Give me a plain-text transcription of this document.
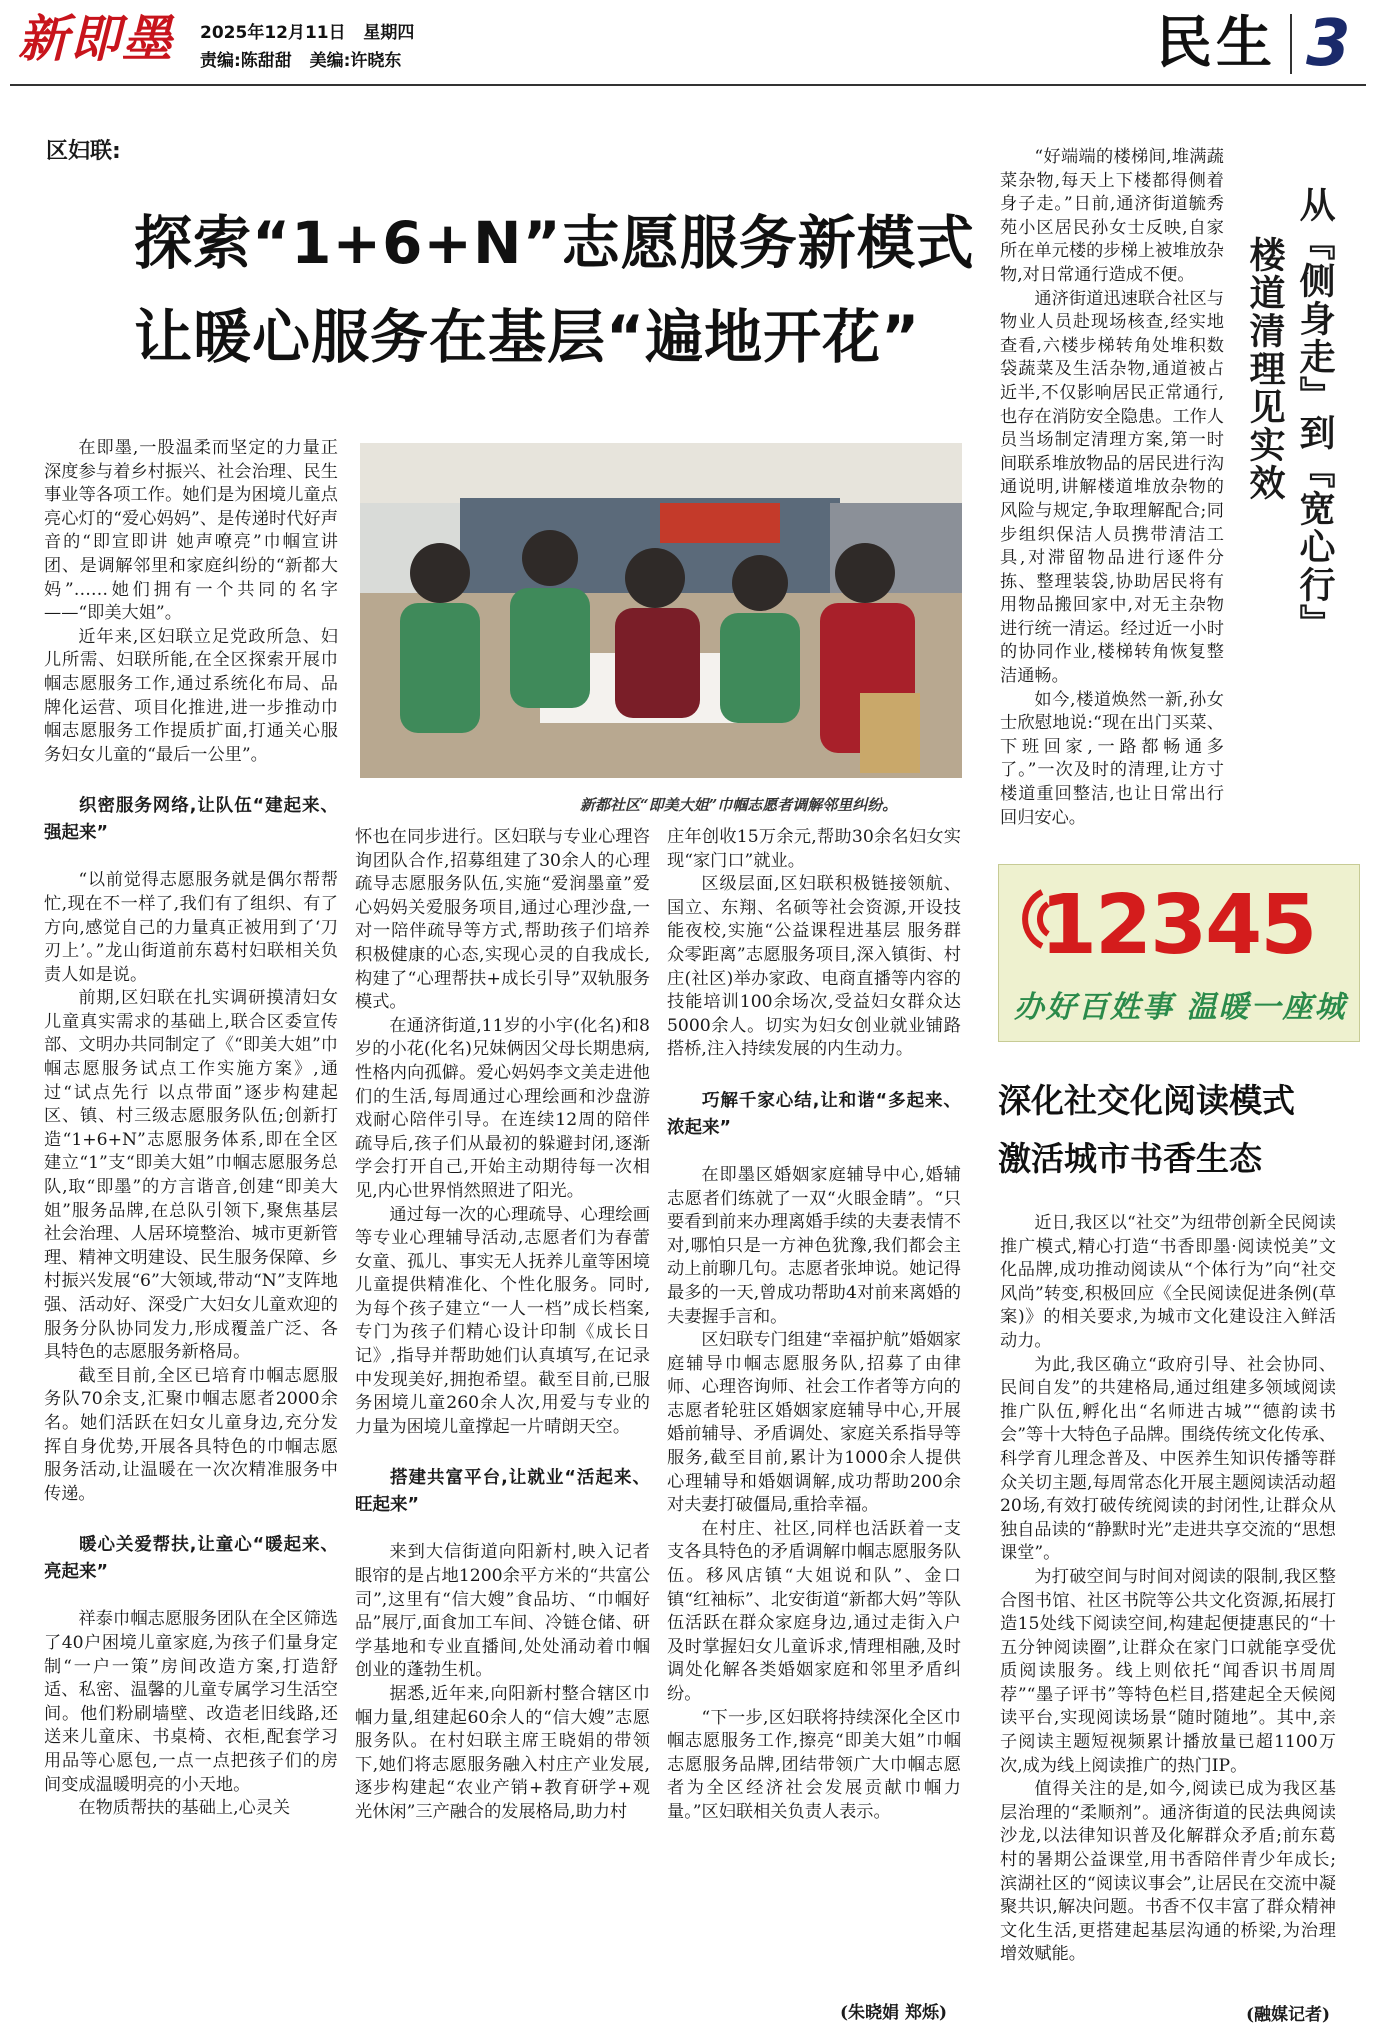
新即墨	2025年12月11日 星期四
责编:陈甜甜 美编:许晓东	民生 3
区妇联:
探索“1+6+N”志愿服务新模式
让暖心服务在基层“遍地开花”
新都社区“即美大姐”巾帼志愿者调解邻里纠纷。

在即墨,一股温柔而坚定的力量正深度参与着乡村振兴、社会治理、民生事业等各项工作。她们是为困境儿童点亮心灯的“爱心妈妈”、是传递时代好声音的“即宣即讲 她声嘹亮”巾帼宣讲团、是调解邻里和家庭纠纷的“新都大妈”……她们拥有一个共同的名字——“即美大姐”。

近年来,区妇联立足党政所急、妇儿所需、妇联所能,在全区探索开展巾帼志愿服务工作,通过系统化布局、品牌化运营、项目化推进,进一步推动巾帼志愿服务工作提质扩面,打通关心服务妇女儿童的“最后一公里”。

织密服务网络,让队伍“建起来、强起来”

“以前觉得志愿服务就是偶尔帮帮忙,现在不一样了,我们有了组织、有了方向,感觉自己的力量真正被用到了‘刀刃上’。”龙山街道前东葛村妇联相关负责人如是说。

前期,区妇联在扎实调研摸清妇女儿童真实需求的基础上,联合区委宣传部、文明办共同制定了《“即美大姐”巾帼志愿服务试点工作实施方案》,通过“试点先行 以点带面”逐步构建起区、镇、村三级志愿服务队伍;创新打造“1+6+N”志愿服务体系,即在全区建立“1”支“即美大姐”巾帼志愿服务总队,取“即墨”的方言谐音,创建“即美大姐”服务品牌,在总队引领下,聚焦基层社会治理、人居环境整治、城市更新管理、精神文明建设、民生服务保障、乡村振兴发展“6”大领域,带动“N”支阵地强、活动好、深受广大妇女儿童欢迎的服务分队协同发力,形成覆盖广泛、各具特色的志愿服务新格局。

截至目前,全区已培育巾帼志愿服务队70余支,汇聚巾帼志愿者2000余名。她们活跃在妇女儿童身边,充分发挥自身优势,开展各具特色的巾帼志愿服务活动,让温暖在一次次精准服务中传递。

暖心关爱帮扶,让童心“暖起来、亮起来”

祥泰巾帼志愿服务团队在全区筛选了40户困境儿童家庭,为孩子们量身定制“一户一策”房间改造方案,打造舒适、私密、温馨的儿童专属学习生活空间。他们粉刷墙壁、改造老旧线路,还送来儿童床、书桌椅、衣柜,配套学习用品等心愿包,一点一点把孩子们的房间变成温暖明亮的小天地。

在物质帮扶的基础上,心灵关

怀也在同步进行。区妇联与专业心理咨询团队合作,招募组建了30余人的心理疏导志愿服务队伍,实施“爱润墨童”爱心妈妈关爱服务项目,通过心理沙盘,一对一陪伴疏导等方式,帮助孩子们培养积极健康的心态,实现心灵的自我成长,构建了“心理帮扶+成长引导”双轨服务模式。

在通济街道,11岁的小宇(化名)和8岁的小花(化名)兄妹俩因父母长期患病,性格内向孤僻。爱心妈妈李文美走进他们的生活,每周通过心理绘画和沙盘游戏耐心陪伴引导。在连续12周的陪伴疏导后,孩子们从最初的躲避封闭,逐渐学会打开自己,开始主动期待每一次相见,内心世界悄然照进了阳光。

通过每一次的心理疏导、心理绘画等专业心理辅导活动,志愿者们为春蕾女童、孤儿、事实无人抚养儿童等困境儿童提供精准化、个性化服务。同时,为每个孩子建立“一人一档”成长档案,专门为孩子们精心设计印制《成长日记》,指导并帮助她们认真填写,在记录中发现美好,拥抱希望。截至目前,已服务困境儿童260余人次,用爱与专业的力量为困境儿童撑起一片晴朗天空。

搭建共富平台,让就业“活起来、旺起来”

来到大信街道向阳新村,映入记者眼帘的是占地1200余平方米的“共富公司”,这里有“信大嫂”食品坊、“巾帼好品”展厅,面食加工车间、冷链仓储、研学基地和专业直播间,处处涌动着巾帼创业的蓬勃生机。

据悉,近年来,向阳新村整合辖区巾帼力量,组建起60余人的“信大嫂”志愿服务队。在村妇联主席王晓娟的带领下,她们将志愿服务融入村庄产业发展,逐步构建起“农业产销+教育研学+观光休闲”三产融合的发展格局,助力村

庄年创收15万余元,帮助30余名妇女实现“家门口”就业。

区级层面,区妇联积极链接领航、国立、东翔、名硕等社会资源,开设技能夜校,实施“公益课程进基层 服务群众零距离”志愿服务项目,深入镇街、村庄(社区)举办家政、电商直播等内容的技能培训100余场次,受益妇女群众达5000余人。切实为妇女创业就业铺路搭桥,注入持续发展的内生动力。

巧解千家心结,让和谐“多起来、浓起来”

在即墨区婚姻家庭辅导中心,婚辅志愿者们练就了一双“火眼金睛”。“只要看到前来办理离婚手续的夫妻表情不对,哪怕只是一方神色犹豫,我们都会主动上前聊几句。志愿者张坤说。她记得最多的一天,曾成功帮助4对前来离婚的夫妻握手言和。

区妇联专门组建“幸福护航”婚姻家庭辅导巾帼志愿服务队,招募了由律师、心理咨询师、社会工作者等方向的志愿者轮驻区婚姻家庭辅导中心,开展婚前辅导、矛盾调处、家庭关系指导等服务,截至目前,累计为1000余人提供心理辅导和婚姻调解,成功帮助200余对夫妻打破僵局,重拾幸福。

在村庄、社区,同样也活跃着一支支各具特色的矛盾调解巾帼志愿服务队伍。移风店镇“大姐说和队”、金口镇“红袖标”、北安街道“新都大妈”等队伍活跃在群众家庭身边,通过走街入户及时掌握妇女儿童诉求,情理相融,及时调处化解各类婚姻家庭和邻里矛盾纠纷。

“下一步,区妇联将持续深化全区巾帼志愿服务工作,擦亮“即美大姐”巾帼志愿服务品牌,团结带领广大巾帼志愿者为全区经济社会发展贡献巾帼力量。”区妇联相关负责人表示。

(朱晓娟 郑烁)

“好端端的楼梯间,堆满蔬菜杂物,每天上下楼都得侧着身子走。”日前,通济街道毓秀苑小区居民孙女士反映,自家所在单元楼的步梯上被堆放杂物,对日常通行造成不便。

通济街道迅速联合社区与物业人员赴现场核查,经实地查看,六楼步梯转角处堆积数袋蔬菜及生活杂物,通道被占近半,不仅影响居民正常通行,也存在消防安全隐患。工作人员当场制定清理方案,第一时间联系堆放物品的居民进行沟通说明,讲解楼道堆放杂物的风险与规定,争取理解配合;同步组织保洁人员携带清洁工具,对滞留物品进行逐件分拣、整理装袋,协助居民将有用物品搬回家中,对无主杂物进行统一清运。经过近一小时的协同作业,楼梯转角恢复整洁通畅。

如今,楼道焕然一新,孙女士欣慰地说:“现在出门买菜、下班回家,一路都畅通多了。”一次及时的清理,让方寸楼道重回整洁,也让日常出行回归安心。

从『侧身走』到『宽心行』
楼道清理见实效
12345
办好百姓事 温暖一座城
深化社交化阅读模式
激活城市书香生态

近日,我区以“社交”为纽带创新全民阅读推广模式,精心打造“书香即墨·阅读悦美”文化品牌,成功推动阅读从“个体行为”向“社交风尚”转变,积极回应《全民阅读促进条例(草案)》的相关要求,为城市文化建设注入鲜活动力。

为此,我区确立“政府引导、社会协同、民间自发”的共建格局,通过组建多领域阅读推广队伍,孵化出“名师进古城”“德韵读书会”等十大特色子品牌。围绕传统文化传承、科学育儿理念普及、中医养生知识传播等群众关切主题,每周常态化开展主题阅读活动超20场,有效打破传统阅读的封闭性,让群众从独自品读的“静默时光”走进共享交流的“思想课堂”。

为打破空间与时间对阅读的限制,我区整合图书馆、社区书院等公共文化资源,拓展打造15处线下阅读空间,构建起便捷惠民的“十五分钟阅读圈”,让群众在家门口就能享受优质阅读服务。线上则依托“闻香识书周周荐”“墨子评书”等特色栏目,搭建起全天候阅读平台,实现阅读场景“随时随地”。其中,亲子阅读主题短视频累计播放量已超1100万次,成为线上阅读推广的热门IP。

值得关注的是,如今,阅读已成为我区基层治理的“柔顺剂”。通济街道的民法典阅读沙龙,以法律知识普及化解群众矛盾;前东葛村的暑期公益课堂,用书香陪伴青少年成长;滨湖社区的“阅读议事会”,让居民在交流中凝聚共识,解决问题。书香不仅丰富了群众精神文化生活,更搭建起基层沟通的桥梁,为治理增效赋能。

(融媒记者)
